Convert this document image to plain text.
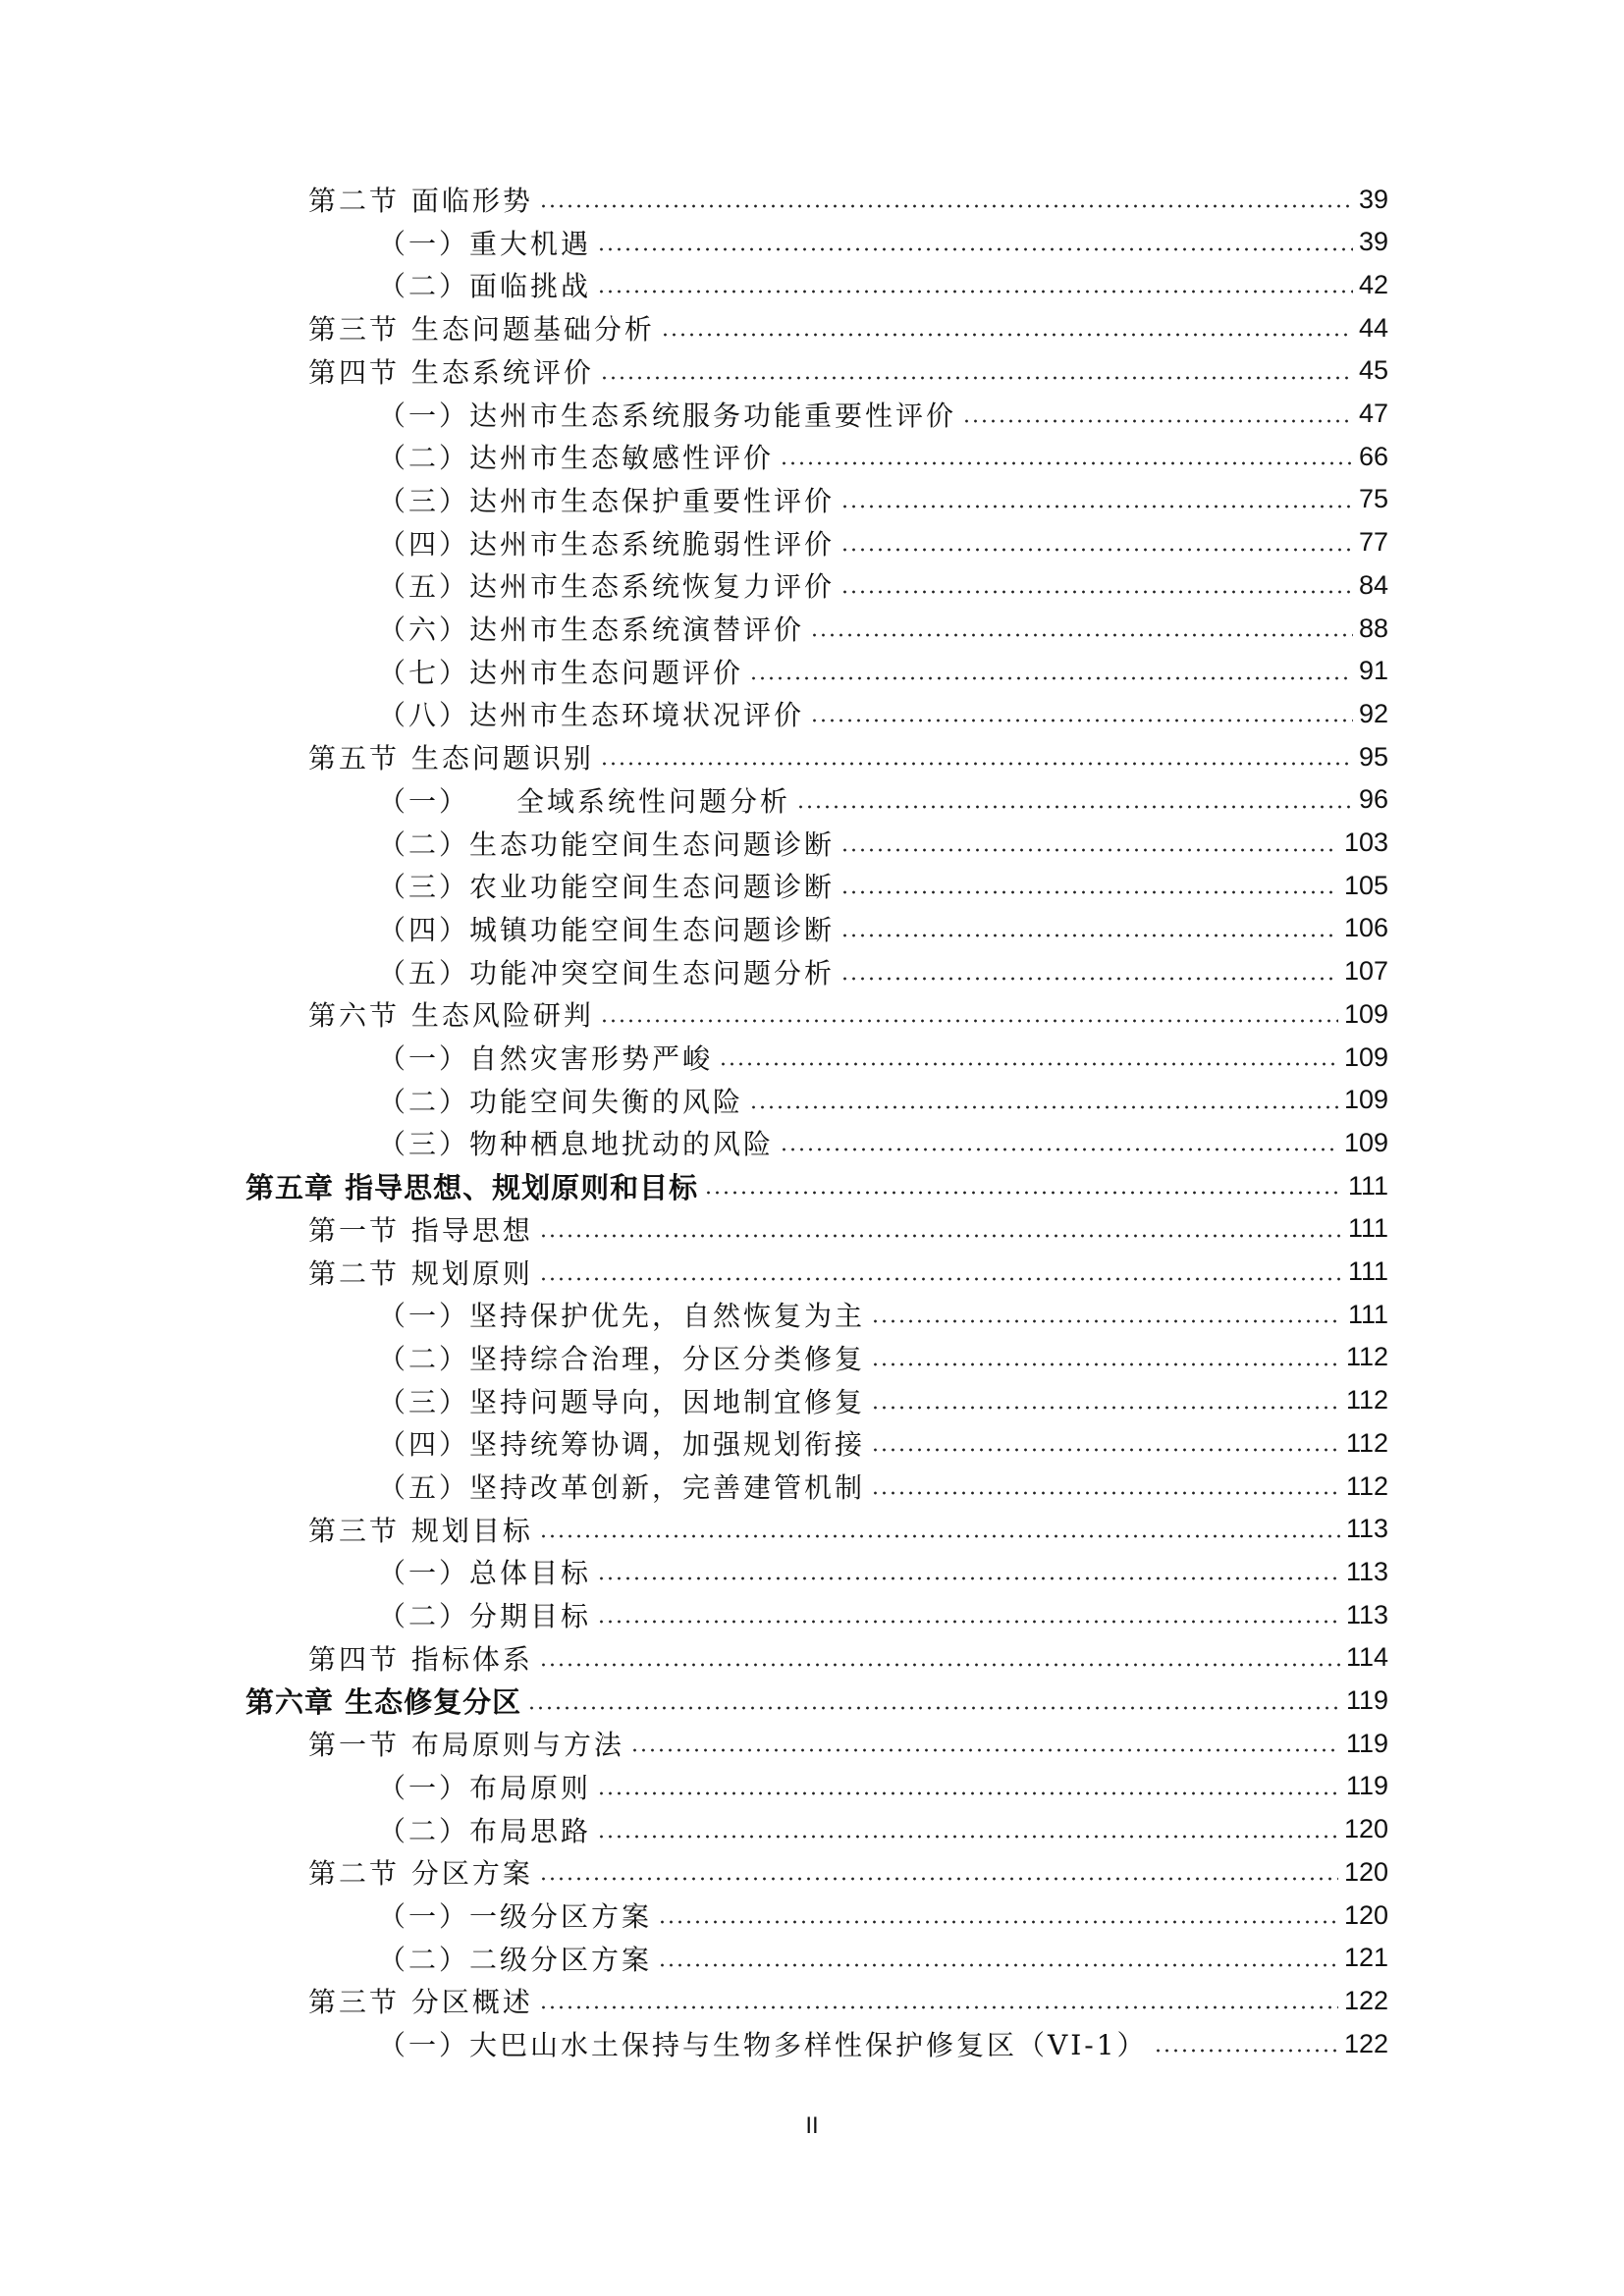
第二节 面临形势	39
（一）重大机遇	39
（二）面临挑战	42
第三节 生态问题基础分析	44
第四节 生态系统评价	45
（一）达州市生态系统服务功能重要性评价	47
（二）达州市生态敏感性评价	66
（三）达州市生态保护重要性评价	75
（四）达州市生态系统脆弱性评价	77
（五）达州市生态系统恢复力评价	84
（六）达州市生态系统演替评价	88
（七）达州市生态问题评价	91
（八）达州市生态环境状况评价	92
第五节 生态问题识别	95
（一）　　全域系统性问题分析	96
（二）生态功能空间生态问题诊断	103
（三）农业功能空间生态问题诊断	105
（四）城镇功能空间生态问题诊断	106
（五）功能冲突空间生态问题分析	107
第六节 生态风险研判	109
（一）自然灾害形势严峻	109
（二）功能空间失衡的风险	109
（三）物种栖息地扰动的风险	109
第五章 指导思想、规划原则和目标	111
第一节 指导思想	111
第二节 规划原则	111
（一）坚持保护优先，自然恢复为主	111
（二）坚持综合治理，分区分类修复	112
（三）坚持问题导向，因地制宜修复	112
（四）坚持统筹协调，加强规划衔接	112
（五）坚持改革创新，完善建管机制	112
第三节 规划目标	113
（一）总体目标	113
（二）分期目标	113
第四节 指标体系	114
第六章 生态修复分区	119
第一节 布局原则与方法	119
（一）布局原则	119
（二）布局思路	120
第二节 分区方案	120
（一）一级分区方案	120
（二）二级分区方案	121
第三节 分区概述	122
（一）大巴山水土保持与生物多样性保护修复区（VI-1）	122
II
